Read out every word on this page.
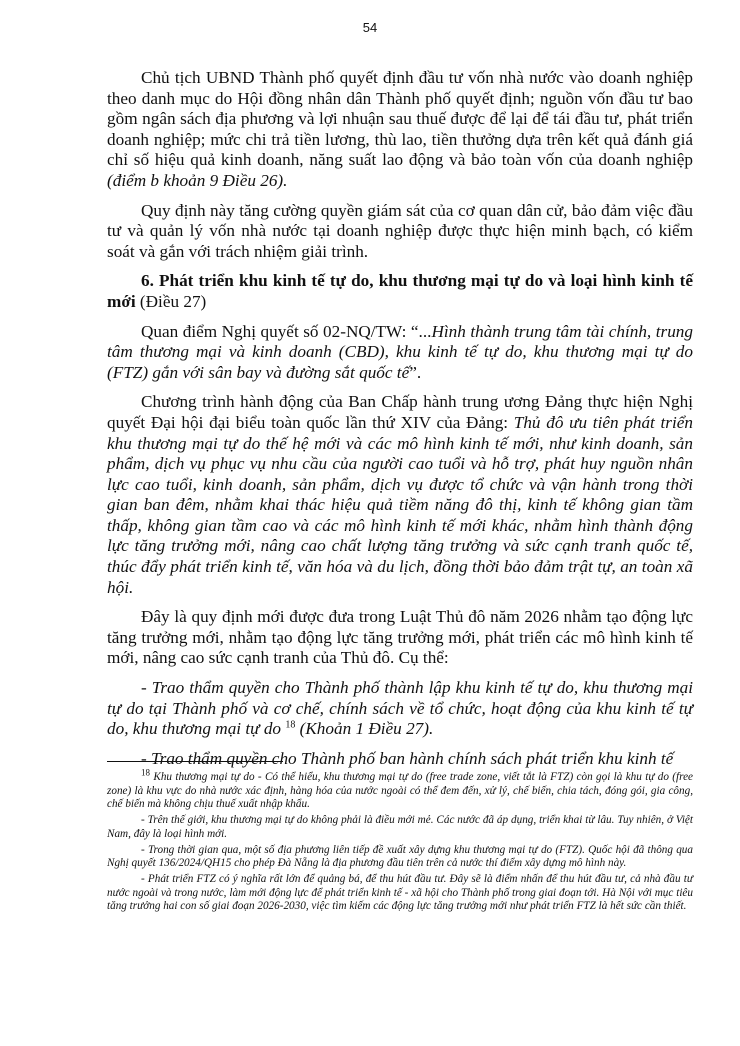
54

Chủ tịch UBND Thành phố quyết định đầu tư vốn nhà nước vào doanh nghiệp theo danh mục do Hội đồng nhân dân Thành phố quyết định; nguồn vốn đầu tư bao gồm ngân sách địa phương và lợi nhuận sau thuế được để lại để tái đầu tư, phát triển doanh nghiệp; mức chi trả tiền lương, thù lao, tiền thưởng dựa trên kết quả đánh giá chỉ số hiệu quả kinh doanh, năng suất lao động và bảo toàn vốn của doanh nghiệp (điểm b khoản 9 Điều 26).

Quy định này tăng cường quyền giám sát của cơ quan dân cử, bảo đảm việc đầu tư và quản lý vốn nhà nước tại doanh nghiệp được thực hiện minh bạch, có kiểm soát và gắn với trách nhiệm giải trình.

6. Phát triển khu kinh tế tự do, khu thương mại tự do và loại hình kinh tế mới (Điều 27)

Quan điểm Nghị quyết số 02-NQ/TW: “...Hình thành trung tâm tài chính, trung tâm thương mại và kinh doanh (CBD), khu kinh tế tự do, khu thương mại tự do (FTZ) gắn với sân bay và đường sắt quốc tế”.

Chương trình hành động của Ban Chấp hành trung ương Đảng thực hiện Nghị quyết Đại hội đại biểu toàn quốc lần thứ XIV của Đảng: Thủ đô ưu tiên phát triển khu thương mại tự do thế hệ mới và các mô hình kinh tế mới, như kinh doanh, sản phẩm, dịch vụ phục vụ nhu cầu của người cao tuổi và hỗ trợ, phát huy nguồn nhân lực cao tuổi, kinh doanh, sản phẩm, dịch vụ được tổ chức và vận hành trong thời gian ban đêm, nhằm khai thác hiệu quả tiềm năng đô thị, kinh tế không gian tầm thấp, không gian tầm cao và các mô hình kinh tế mới khác, nhằm hình thành động lực tăng trưởng mới, nâng cao chất lượng tăng trưởng và sức cạnh tranh quốc tế, thúc đẩy phát triển kinh tế, văn hóa và du lịch, đồng thời bảo đảm trật tự, an toàn xã hội.

Đây là quy định mới được đưa trong Luật Thủ đô năm 2026 nhằm tạo động lực tăng trưởng mới, nhằm tạo động lực tăng trưởng mới, phát triển các mô hình kinh tế mới, nâng cao sức cạnh tranh của Thủ đô. Cụ thể:

- Trao thẩm quyền cho Thành phố thành lập khu kinh tế tự do, khu thương mại tự do tại Thành phố và cơ chế, chính sách về tổ chức, hoạt động của khu kinh tế tự do, khu thương mại tự do $^{18}$ (Khoản 1 Điều 27).

- Trao thẩm quyền cho Thành phố ban hành chính sách phát triển khu kinh tế

$^{18}$ Khu thương mại tự do - Có thể hiểu, khu thương mại tự do (free trade zone, viết tắt là FTZ) còn gọi là khu tự do (free zone) là khu vực do nhà nước xác định, hàng hóa của nước ngoài có thể đem đến, xử lý, chế biến, chia tách, đóng gói, gia công, chế biến mà không chịu thuế xuất nhập khẩu.

- Trên thế giới, khu thương mại tự do không phải là điều mới mẻ. Các nước đã áp dụng, triển khai từ lâu. Tuy nhiên, ở Việt Nam, đây là loại hình mới.

- Trong thời gian qua, một số địa phương liên tiếp đề xuất xây dựng khu thương mại tự do (FTZ). Quốc hội đã thông qua Nghị quyết 136/2024/QH15 cho phép Đà Nẵng là địa phương đầu tiên trên cả nước thí điểm xây dựng mô hình này.

- Phát triển FTZ có ý nghĩa rất lớn để quảng bá, để thu hút đầu tư. Đây sẽ là điểm nhấn để thu hút đầu tư, cả nhà đầu tư nước ngoài và trong nước, làm mới động lực để phát triển kinh tế - xã hội cho Thành phố trong giai đoạn tới. Hà Nội với mục tiêu tăng trưởng hai con số giai đoạn 2026-2030, việc tìm kiếm các động lực tăng trưởng mới như phát triển FTZ là hết sức cần thiết.
